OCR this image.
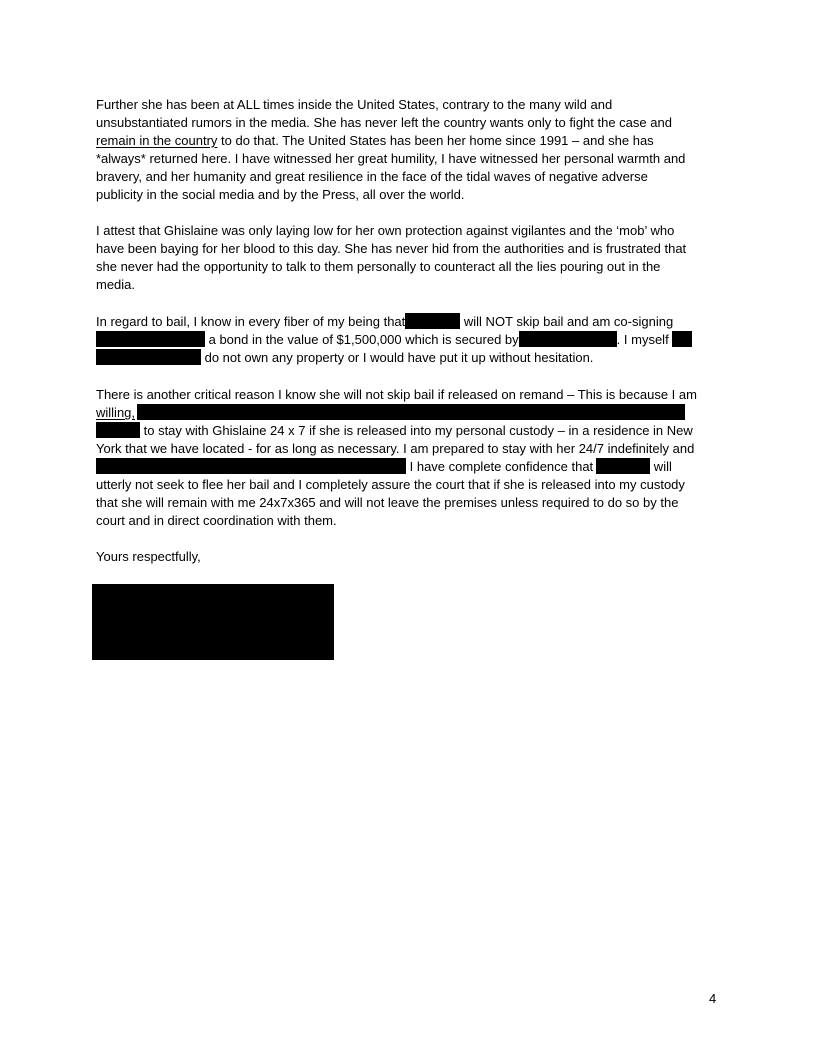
Further she has been at ALL times inside the United States, contrary to the many wild and
unsubstantiated rumors in the media. She has never left the country wants only to fight the case and
remain in the country to do that. The United States has been her home since 1991 – and she has
*always* returned here. I have witnessed her great humility, I have witnessed her personal warmth and
bravery, and her humanity and great resilience in the face of the tidal waves of negative adverse
publicity in the social media and by the Press, all over the world.
I attest that Ghislaine was only laying low for her own protection against vigilantes and the ‘mob’ who
have been baying for her blood to this day. She has never hid from the authorities and is frustrated that
she never had the opportunity to talk to them personally to counteract all the lies pouring out in the
media.
In regard to bail, I know in every fiber of my being that	will NOT skip bail and am co-signing
a bond in the value of $1,500,000 which is secured by	. I myself
do not own any property or I would have put it up without hesitation.
There is another critical reason I know she will not skip bail if released on remand – This is because I am
willing,
to stay with Ghislaine 24 x 7 if she is released into my personal custody – in a residence in New
York that we have located - for as long as necessary. I am prepared to stay with her 24/7 indefinitely and
I have complete confidence that	will
utterly not seek to flee her bail and I completely assure the court that if she is released into my custody
that she will remain with me 24x7x365 and will not leave the premises unless required to do so by the
court and in direct coordination with them.
Yours respectfully,
4
